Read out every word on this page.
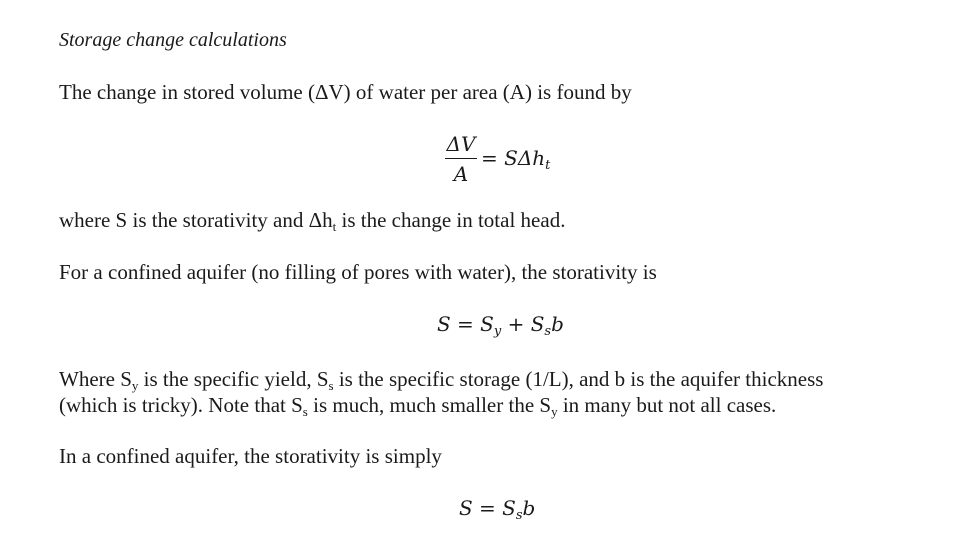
Storage change calculations
The change in stored volume (ΔV) of water per area (A) is found by
ΔV
A
= SΔh$_t$
where S is the storativity and $\Delta h_t$ is the change in total head.
For a confined aquifer (no filling of pores with water), the storativity is
$S = S_y + S_sb$
Where $S_y$ is the specific yield, $S_s$ is the specific storage (1/L), and b is the aquifer thickness
(which is tricky). Note that $S_s$ is much, much smaller the $S_y$ in many but not all cases.
In a confined aquifer, the storativity is simply
$S = S_sb$
